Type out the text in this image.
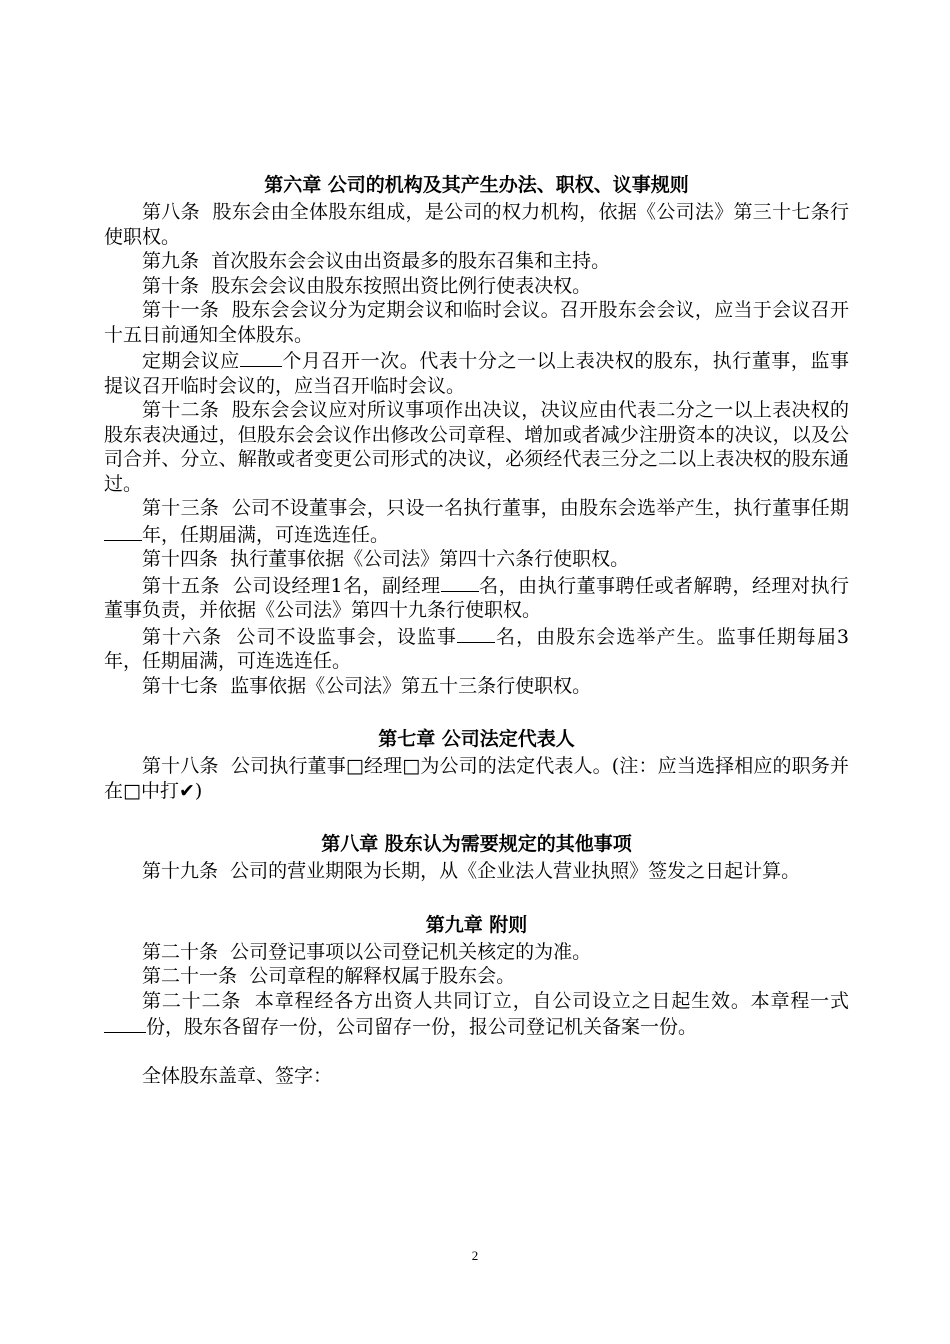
第六章 公司的机构及其产生办法、职权、议事规则

第八条  股东会由全体股东组成，是公司的权力机构，依据《公司法》第三十七条行使职权。

第九条  首次股东会会议由出资最多的股东召集和主持。

第十条  股东会会议由股东按照出资比例行使表决权。

第十一条  股东会会议分为定期会议和临时会议。召开股东会会议，应当于会议召开十五日前通知全体股东。

定期会议应 个月召开一次。代表十分之一以上表决权的股东，执行董事，监事提议召开临时会议的，应当召开临时会议。

第十二条  股东会会议应对所议事项作出决议，决议应由代表二分之一以上表决权的股东表决通过，但股东会会议作出修改公司章程、增加或者减少注册资本的决议，以及公司合并、分立、解散或者变更公司形式的决议，必须经代表三分之二以上表决权的股东通过。

第十三条  公司不设董事会，只设一名执行董事，由股东会选举产生，执行董事任期年，任期届满，可连选连任。

第十四条  执行董事依据《公司法》第四十六条行使职权。

第十五条  公司设经理1名，副经理 名，由执行董事聘任或者解聘，经理对执行董事负责，并依据《公司法》第四十九条行使职权。

第十六条  公司不设监事会，设监事 名，由股东会选举产生。监事任期每届3年，任期届满，可连选连任。

第十七条  监事依据《公司法》第五十三条行使职权。

第七章 公司法定代表人

第十八条  公司执行董事□经理□为公司的法定代表人。(注：应当选择相应的职务并在□中打✔)

第八章 股东认为需要规定的其他事项

第十九条  公司的营业期限为长期，从《企业法人营业执照》签发之日起计算。

第九章 附则

第二十条  公司登记事项以公司登记机关核定的为准。

第二十一条  公司章程的解释权属于股东会。

第二十二条  本章程经各方出资人共同订立，自公司设立之日起生效。本章程一式份，股东各留存一份，公司留存一份，报公司登记机关备案一份。

全体股东盖章、签字：

2
